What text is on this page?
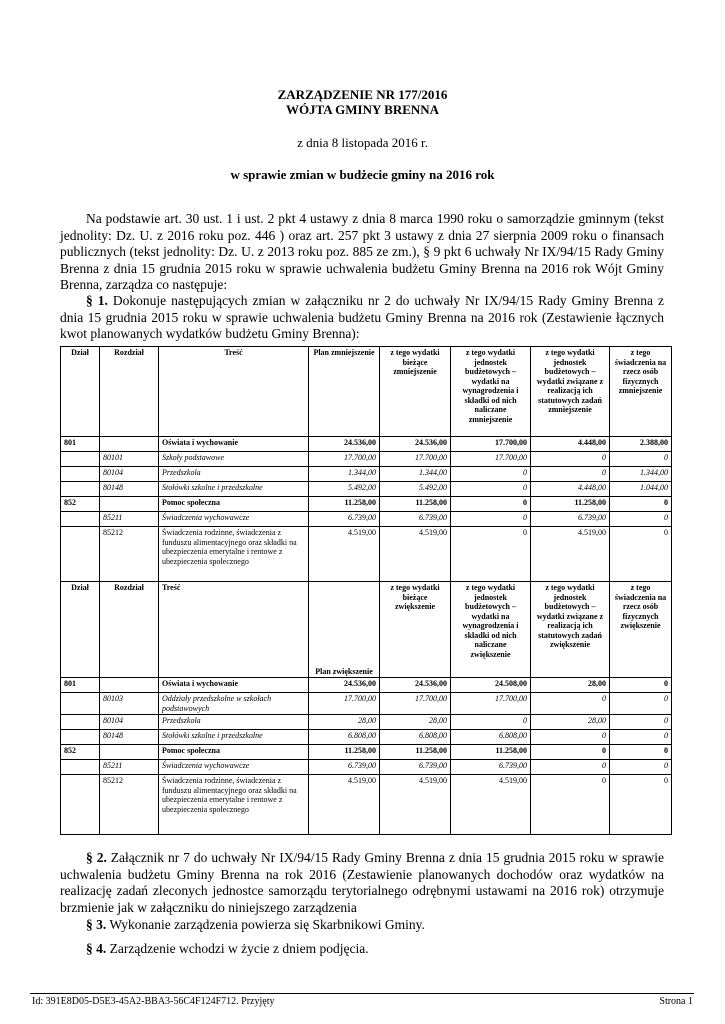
ZARZĄDZENIE NR 177/2016
WÓJTA GMINY BRENNA
z dnia 8 listopada 2016 r.
w sprawie zmian w budżecie gminy na 2016 rok
Na podstawie art. 30 ust. 1 i ust. 2 pkt 4 ustawy z dnia 8 marca 1990 roku o samorządzie gminnym (tekst jednolity: Dz. U. z 2016 roku poz. 446 ) oraz art. 257 pkt 3 ustawy z dnia 27 sierpnia 2009 roku o finansach publicznych (tekst jednolity: Dz. U. z 2013 roku poz. 885 ze zm.), § 9 pkt 6 uchwały Nr IX/94/15 Rady Gminy Brenna z dnia 15 grudnia 2015 roku w sprawie uchwalenia budżetu Gminy Brenna na 2016 rok Wójt Gminy Brenna, zarządza co następuje:
§ 1. Dokonuje następujących zmian w załączniku nr 2 do uchwały Nr IX/94/15 Rady Gminy Brenna z dnia 15 grudnia 2015 roku w sprawie uchwalenia budżetu Gminy Brenna na 2016 rok (Zestawienie łącznych kwot planowanych wydatków budżetu Gminy Brenna):
Dział	Rozdział	Treść	Plan zmniejszenie	z tego wydatki bieżące zmniejszenie	z tego wydatki jednostek budżetowych – wydatki na wynagrodzenia i składki od nich naliczane zmniejszenie	z tego wydatki jednostek budżetowych – wydatki związane z realizacją ich statutowych zadań zmniejszenie	z tego świadczenia na rzecz osób fizycznych zmniejszenie
801		Oświata i wychowanie	24.536,00	24.536,00	17.700,00	4.448,00	2.388,00
	80101	Szkoły podstawowe	17.700,00	17.700,00	17.700,00	0	0
	80104	Przedszkola	1.344,00	1.344,00	0	0	1.344,00
	80148	Stołówki szkolne i przedszkolne	5.492,00	5.492,00	0	4.448,00	1.044,00
852		Pomoc społeczna	11.258,00	11.258,00	0	11.258,00	0
	85211	Świadczenia wychowawcze	6.739,00	6.739,00	0	6.739,00	0
	85212	Świadczenia rodzinne, świadczenia z funduszu alimentacyjnego oraz składki na ubezpieczenia emerytalne i rentowe z ubezpieczenia społecznego	4.519,00	4.519,00	0	4.519,00	0
Dział	Rozdział	Treść	Plan zwiększenie	z tego wydatki bieżące zwiększenie	z tego wydatki jednostek budżetowych – wydatki na wynagrodzenia i składki od nich naliczane zwiększenie	z tego wydatki jednostek budżetowych – wydatki związane z realizacją ich statutowych zadań zwiększenie	z tego świadczenia na rzecz osób fizycznych zwiększenie
801		Oświata i wychowanie	24.536,00	24.536,00	24.508,00	28,00	0
	80103	Oddziały przedszkolne w szkołach podstawowych	17.700,00	17.700,00	17.700,00	0	0
	80104	Przedszkola	28,00	28,00	0	28,00	0
	80148	Stołówki szkolne i przedszkolne	6.808,00	6.808,00	6.808,00	0	0
852		Pomoc społeczna	11.258,00	11.258,00	11.258,00	0	0
	85211	Świadczenia wychowawcze	6.739,00	6.739,00	6.739,00	0	0
	85212	Świadczenia rodzinne, świadczenia z funduszu alimentacyjnego oraz składki na ubezpieczenia emerytalne i rentowe z ubezpieczenia społecznego	4.519,00	4.519,00	4.519,00	0	0
§ 2. Załącznik nr 7 do uchwały Nr IX/94/15 Rady Gminy Brenna z dnia 15 grudnia 2015 roku w sprawie uchwalenia budżetu Gminy Brenna na rok 2016 (Zestawienie planowanych dochodów oraz wydatków na realizację zadań zleconych jednostce samorządu terytorialnego odrębnymi ustawami na 2016 rok) otrzymuje brzmienie jak w załączniku do niniejszego zarządzenia
§ 3. Wykonanie zarządzenia powierza się Skarbnikowi Gminy.
§ 4. Zarządzenie wchodzi w życie z dniem podjęcia.
Id: 391E8D05-D5E3-45A2-BBA3-56C4F124F712. Przyjęty	Strona 1
